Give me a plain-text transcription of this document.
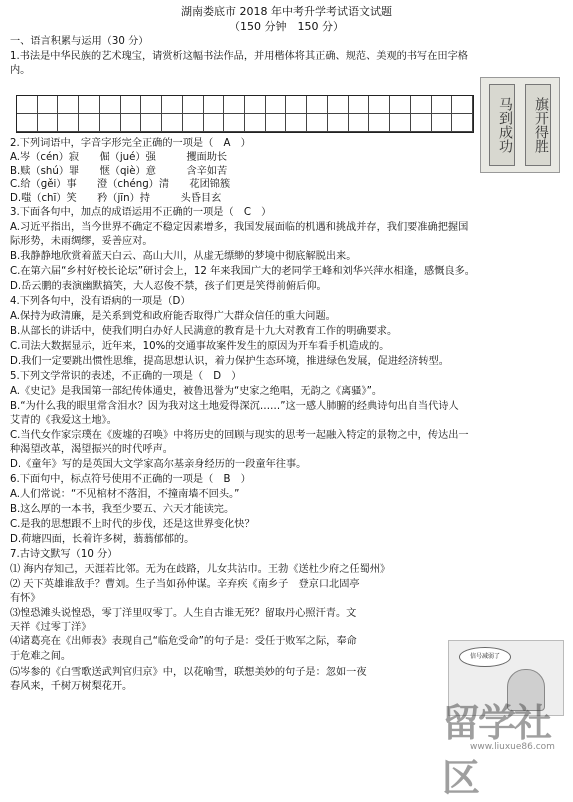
湖南娄底市 2018 年中考升学考试语文试题
（150 分钟　150 分）
一、语言积累与运用（30 分）
1.书法是中华民族的艺术瑰宝，请赏析这幅书法作品，并用楷体将其正确、规范、美观的书写在田字格
内。
2.下列词语中，字音字形完全正确的一项是（　A　）
A.岑（cén）寂　　倔（jué）强　　　攫面助长
B.赎（shú）罪　　惬（qiè）意　　　含辛如苦
C.给（ɡěi）事　　澄（chénɡ）清　　花团锦簇
D.嗤（chī）笑　　矜（jīn）持　　　头昏目玄
3.下面各句中，加点的成语运用不正确的一项是（　C　）
A.习近平指出，当今世界不确定不稳定因素增多，我国发展面临的机遇和挑战并存，我们要准确把握国
际形势，未雨绸缪，妥善应对。
B.我静静地欣赏着蓝天白云、高山大川，从虚无缥缈的梦境中彻底解脱出来。
C.在第六届“乡村好校长论坛”研讨会上，12 年来我国广大的老同学王峰和刘华兴萍水相逢，感慨良多。
D.岳云鹏的表演幽默搞笑，大人忍俊不禁，孩子们更是笑得前俯后仰。
4.下列各句中，没有语病的一项是（D）
A.保持为政清廉，是关系到党和政府能否取得广大群众信任的重大问题。
B.从部长的讲话中，使我们明白办好人民满意的教育是十九大对教育工作的明确要求。
C.司法大数据显示，近年来，10%的交通事故案件发生的原因为开车看手机造成的。
D.我们一定要跳出惯性思维，提高思想认识，着力保护生态环境，推进绿色发展，促进经济转型。
5.下列文学常识的表述，不正确的一项是（　D　）
A.《史记》是我国第一部纪传体通史，被鲁迅誉为“史家之绝唱，无韵之《离骚》”。
B.“为什么我的眼里常含泪水？因为我对这土地爱得深沉……”这一感人肺腑的经典诗句出自当代诗人
艾青的《我爱这土地》。
C.当代女作家宗璞在《废墟的召唤》中将历史的回顾与现实的思考一起融入特定的景物之中，传达出一
种渴望改革，渴望振兴的时代呼声。
D.《童年》写的是英国大文学家高尔基亲身经历的一段童年往事。
6.下面句中，标点符号使用不正确的一项是（　B　）
A.人们常说：“不见棺材不落泪，不撞南墙不回头。”
B.这么厚的一本书，我至少要五、六天才能读完。
C.是我的思想跟不上时代的步伐，还是这世界变化快？
D.荷塘四面，长着许多树，蓊蓊郁郁的。
7.古诗文默写（10 分）
⑴ 海内存知己，天涯若比邻。无为在歧路，儿女共沾巾。王勃《送杜少府之任蜀州》
⑵ 天下英雄谁敌手？曹刘。生子当如孙仲谋。辛弃疾《南乡子　登京口北固亭
有怀》
⑶惶恐滩头说惶恐，零丁洋里叹零丁。人生自古谁无死？留取丹心照汗青。文
天祥《过零丁洋》
⑷诸葛亮在《出师表》表现自己“临危受命”的句子是：受任于败军之际，奉命
于危难之间。
⑸岑参的《白雪歌送武判官归京》中，以花喻雪，联想美妙的句子是：忽如一夜
春风来，千树万树梨花开。
马到成功	旗开得胜
信号减弱了
留学社区
www.liuxue86.com
